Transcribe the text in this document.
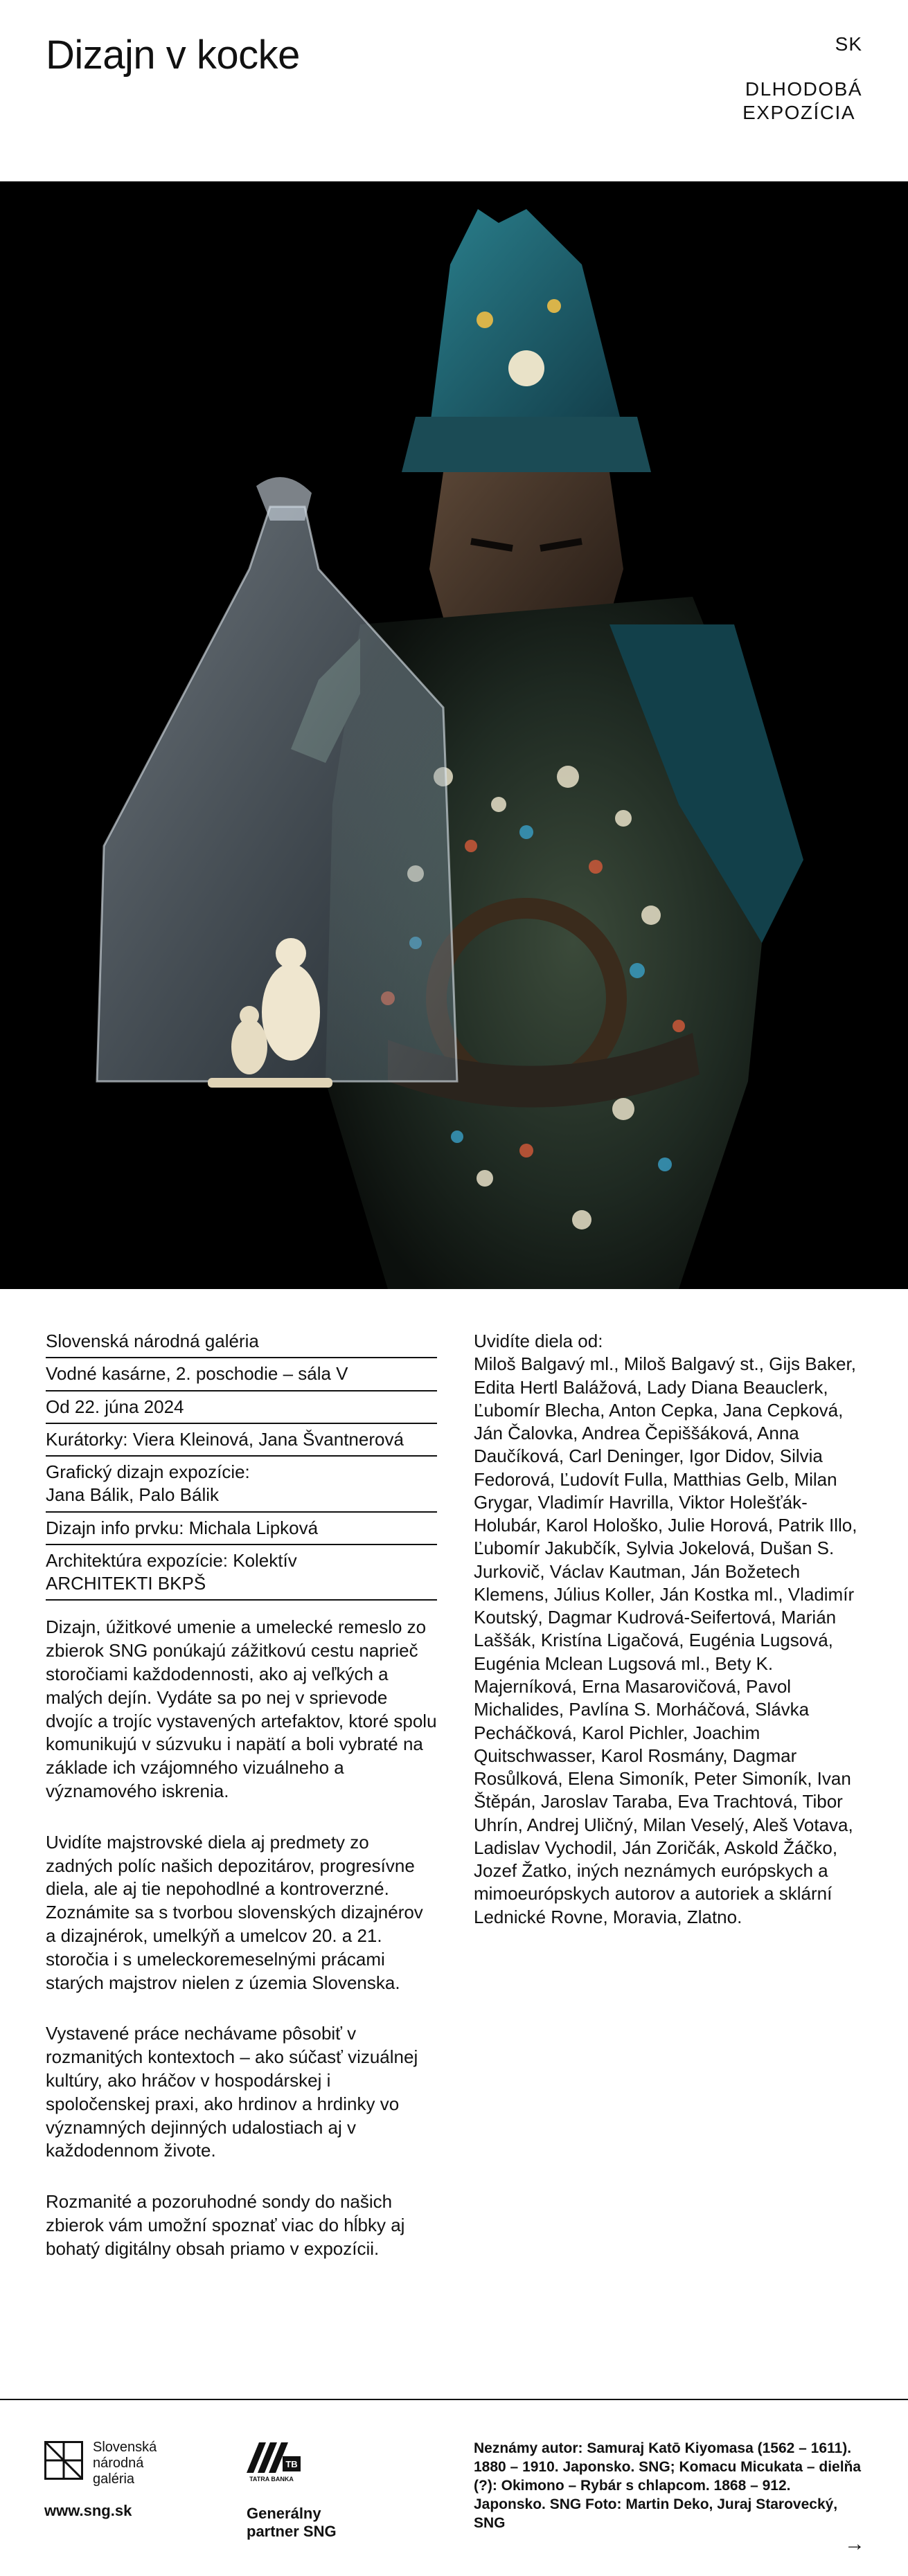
Dizajn v kocke	SK
DLHODOBÁ
EXPOZÍCIA
Slovenská národná galéria
Vodné kasárne, 2. poschodie – sála V
Od 22. júna 2024
Kurátorky: Viera Kleinová, Jana Švantnerová
Grafický dizajn expozície:
Jana Bálik, Palo Bálik
Dizajn info prvku: Michala Lipková
Architektúra expozície: Kolektív
ARCHITEKTI BKPŠ

Dizajn, úžitkové umenie a umelecké remeslo zo zbierok SNG ponúkajú zážitkovú cestu naprieč storočiami každodennosti, ako aj veľkých a malých dejín. Vydáte sa po nej v sprievode dvojíc a trojíc vystavených artefaktov, ktoré spolu komunikujú v súzvuku i napätí a boli vybraté na základe ich vzájomného vizuálneho a významového iskrenia.

Uvidíte majstrovské diela aj predmety zo zadných políc našich depozitárov, progresívne diela, ale aj tie nepohodlné a kontroverzné. Zoznámite sa s tvorbou slovenských dizajnérov a dizajnérok, umelkýň a umelcov 20. a 21. storočia i s umeleckoremeselnými prácami starých majstrov nielen z územia Slovenska.

Vystavené práce nechávame pôsobiť v rozmanitých kontextoch – ako súčasť vizuálnej kultúry, ako hráčov v hospodárskej i spoločenskej praxi, ako hrdinov a hrdinky vo významných dejinných udalostiach aj v každodennom živote.

Rozmanité a pozoruhodné sondy do našich zbierok vám umožní spoznať viac do hĺbky aj bohatý digitálny obsah priamo v expozícii.

Uvidíte diela od:
Miloš Balgavý ml., Miloš Balgavý st., Gijs Baker, Edita Hertl Balážová, Lady Diana Beauclerk, Ľubomír Blecha, Anton Cepka, Jana Cepková, Ján Čalovka, Andrea Čepiššáková, Anna Daučíková, Carl Deninger, Igor Didov, Silvia Fedorová, Ľudovít Fulla, Matthias Gelb, Milan Grygar, Vladimír Havrilla, Viktor Holešťák-Holubár, Karol Hološko, Julie Horová, Patrik Illo, Ľubomír Jakubčík, Sylvia Jokelová, Dušan S. Jurkovič, Václav Kautman, Ján Božetech Klemens, Július Koller, Ján Kostka ml., Vladimír Koutský, Dagmar Kudrová-Seifertová, Marián Laššák, Kristína Ligačová, Eugénia Lugsová, Eugénia Mclean Lugsová ml., Bety K. Majerníková, Erna Masarovičová, Pavol Michalides, Pavlína S. Morháčová, Slávka Pecháčková, Karol Pichler, Joachim Quitschwasser, Karol Rosmány, Dagmar Rosůlková, Elena Simoník, Peter Simoník, Ivan Štěpán, Jaroslav Taraba, Eva Trachtová, Tibor Uhrín, Andrej Uličný, Milan Veselý, Aleš Votava, Ladislav Vychodil, Ján Zoričák, Askold Žáčko, Jozef Žatko, iných neznámych európskych a mimoeurópskych autorov a autoriek a sklární Lednické Rovne, Moravia, Zlatno.
Slovenská
národná
galéria
www.sng.sk
TB
TATRA BANKA
Generálny
partner SNG
Neznámy autor: Samuraj Katō Kiyomasa (1562 – 1611). 1880 – 1910. Japonsko. SNG; Komacu Micukata – dielňa (?): Okimono – Rybár s chlapcom. 1868 – 912. Japonsko. SNG Foto: Martin Deko, Juraj Starovecký, SNG
→
